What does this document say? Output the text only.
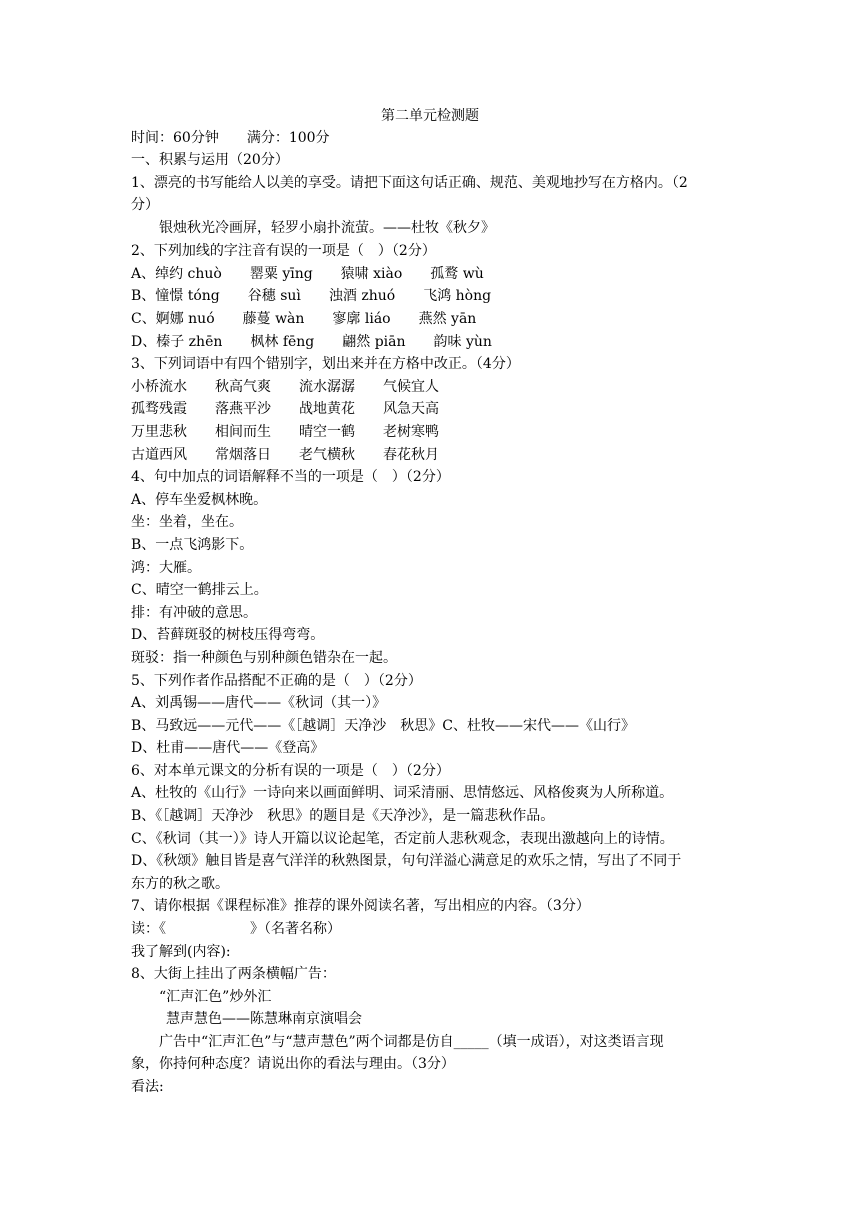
第二单元检测题
时间：60分钟　　满分：100分
一、积累与运用（20分）
1、漂亮的书写能给人以美的享受。请把下面这句话正确、规范、美观地抄写在方格内。（2
分）
银烛秋光冷画屏，轻罗小扇扑流萤。——杜牧《秋夕》
2、下列加线的字注音有误的一项是（　）（2分）
A、绰约 chuò　　罂粟 yīng　　猿啸 xiào　　孤鹜 wù
B、憧憬 tóng　　谷穗 suì　　浊酒 zhuó　　飞鸿 hòng
C、婀娜 nuó　　藤蔓 wàn　　寥廓 liáo　　燕然 yān
D、榛子 zhēn　　枫林 fēng　　翩然 piān　　韵味 yùn
3、下列词语中有四个错别字，划出来并在方格中改正。（4分）
小桥流水　　秋高气爽　　流水潺潺　　气候宜人
孤骛残霞　　落燕平沙　　战地黄花　　风急天高
万里悲秋　　相间而生　　晴空一鹤　　老树寒鸭
古道西风　　常烟落日　　老气横秋　　春花秋月
4、句中加点的词语解释不当的一项是（　）（2分）
A、停车坐爱枫林晚。
坐：坐着，坐在。
B、一点飞鸿影下。
鸿：大雁。
C、晴空一鹤排云上。
排：有冲破的意思。
D、苔藓斑驳的树枝压得弯弯。
斑驳：指一种颜色与别种颜色错杂在一起。
5、下列作者作品搭配不正确的是（　）（2分）
A、刘禹锡——唐代——《秋词（其一）》
B、马致远——元代——《［越调］天净沙　秋思》C、杜牧——宋代——《山行》
D、杜甫——唐代——《登高》
6、对本单元课文的分析有误的一项是（　）（2分）
A、杜牧的《山行》一诗向来以画面鲜明、词采清丽、思情悠远、风格俊爽为人所称道。
B、《［越调］天净沙　秋思》的题目是《天净沙》，是一篇悲秋作品。
C、《秋词（其一）》诗人开篇以议论起笔，否定前人悲秋观念，表现出激越向上的诗情。
D、《秋颂》触目皆是喜气洋洋的秋熟图景，句句洋溢心满意足的欢乐之情，写出了不同于
东方的秋之歌。
7、请你根据《课程标准》推荐的课外阅读名著，写出相应的内容。（3分）
读：《　　　　　　》（名著名称）
我了解到(内容):
8、大街上挂出了两条横幅广告：
“汇声汇色”炒外汇
慧声慧色——陈慧琳南京演唱会
广告中“汇声汇色”与“慧声慧色”两个词都是仿自_____（填一成语），对这类语言现
象，你持何种态度？请说出你的看法与理由。（3分）
看法:
